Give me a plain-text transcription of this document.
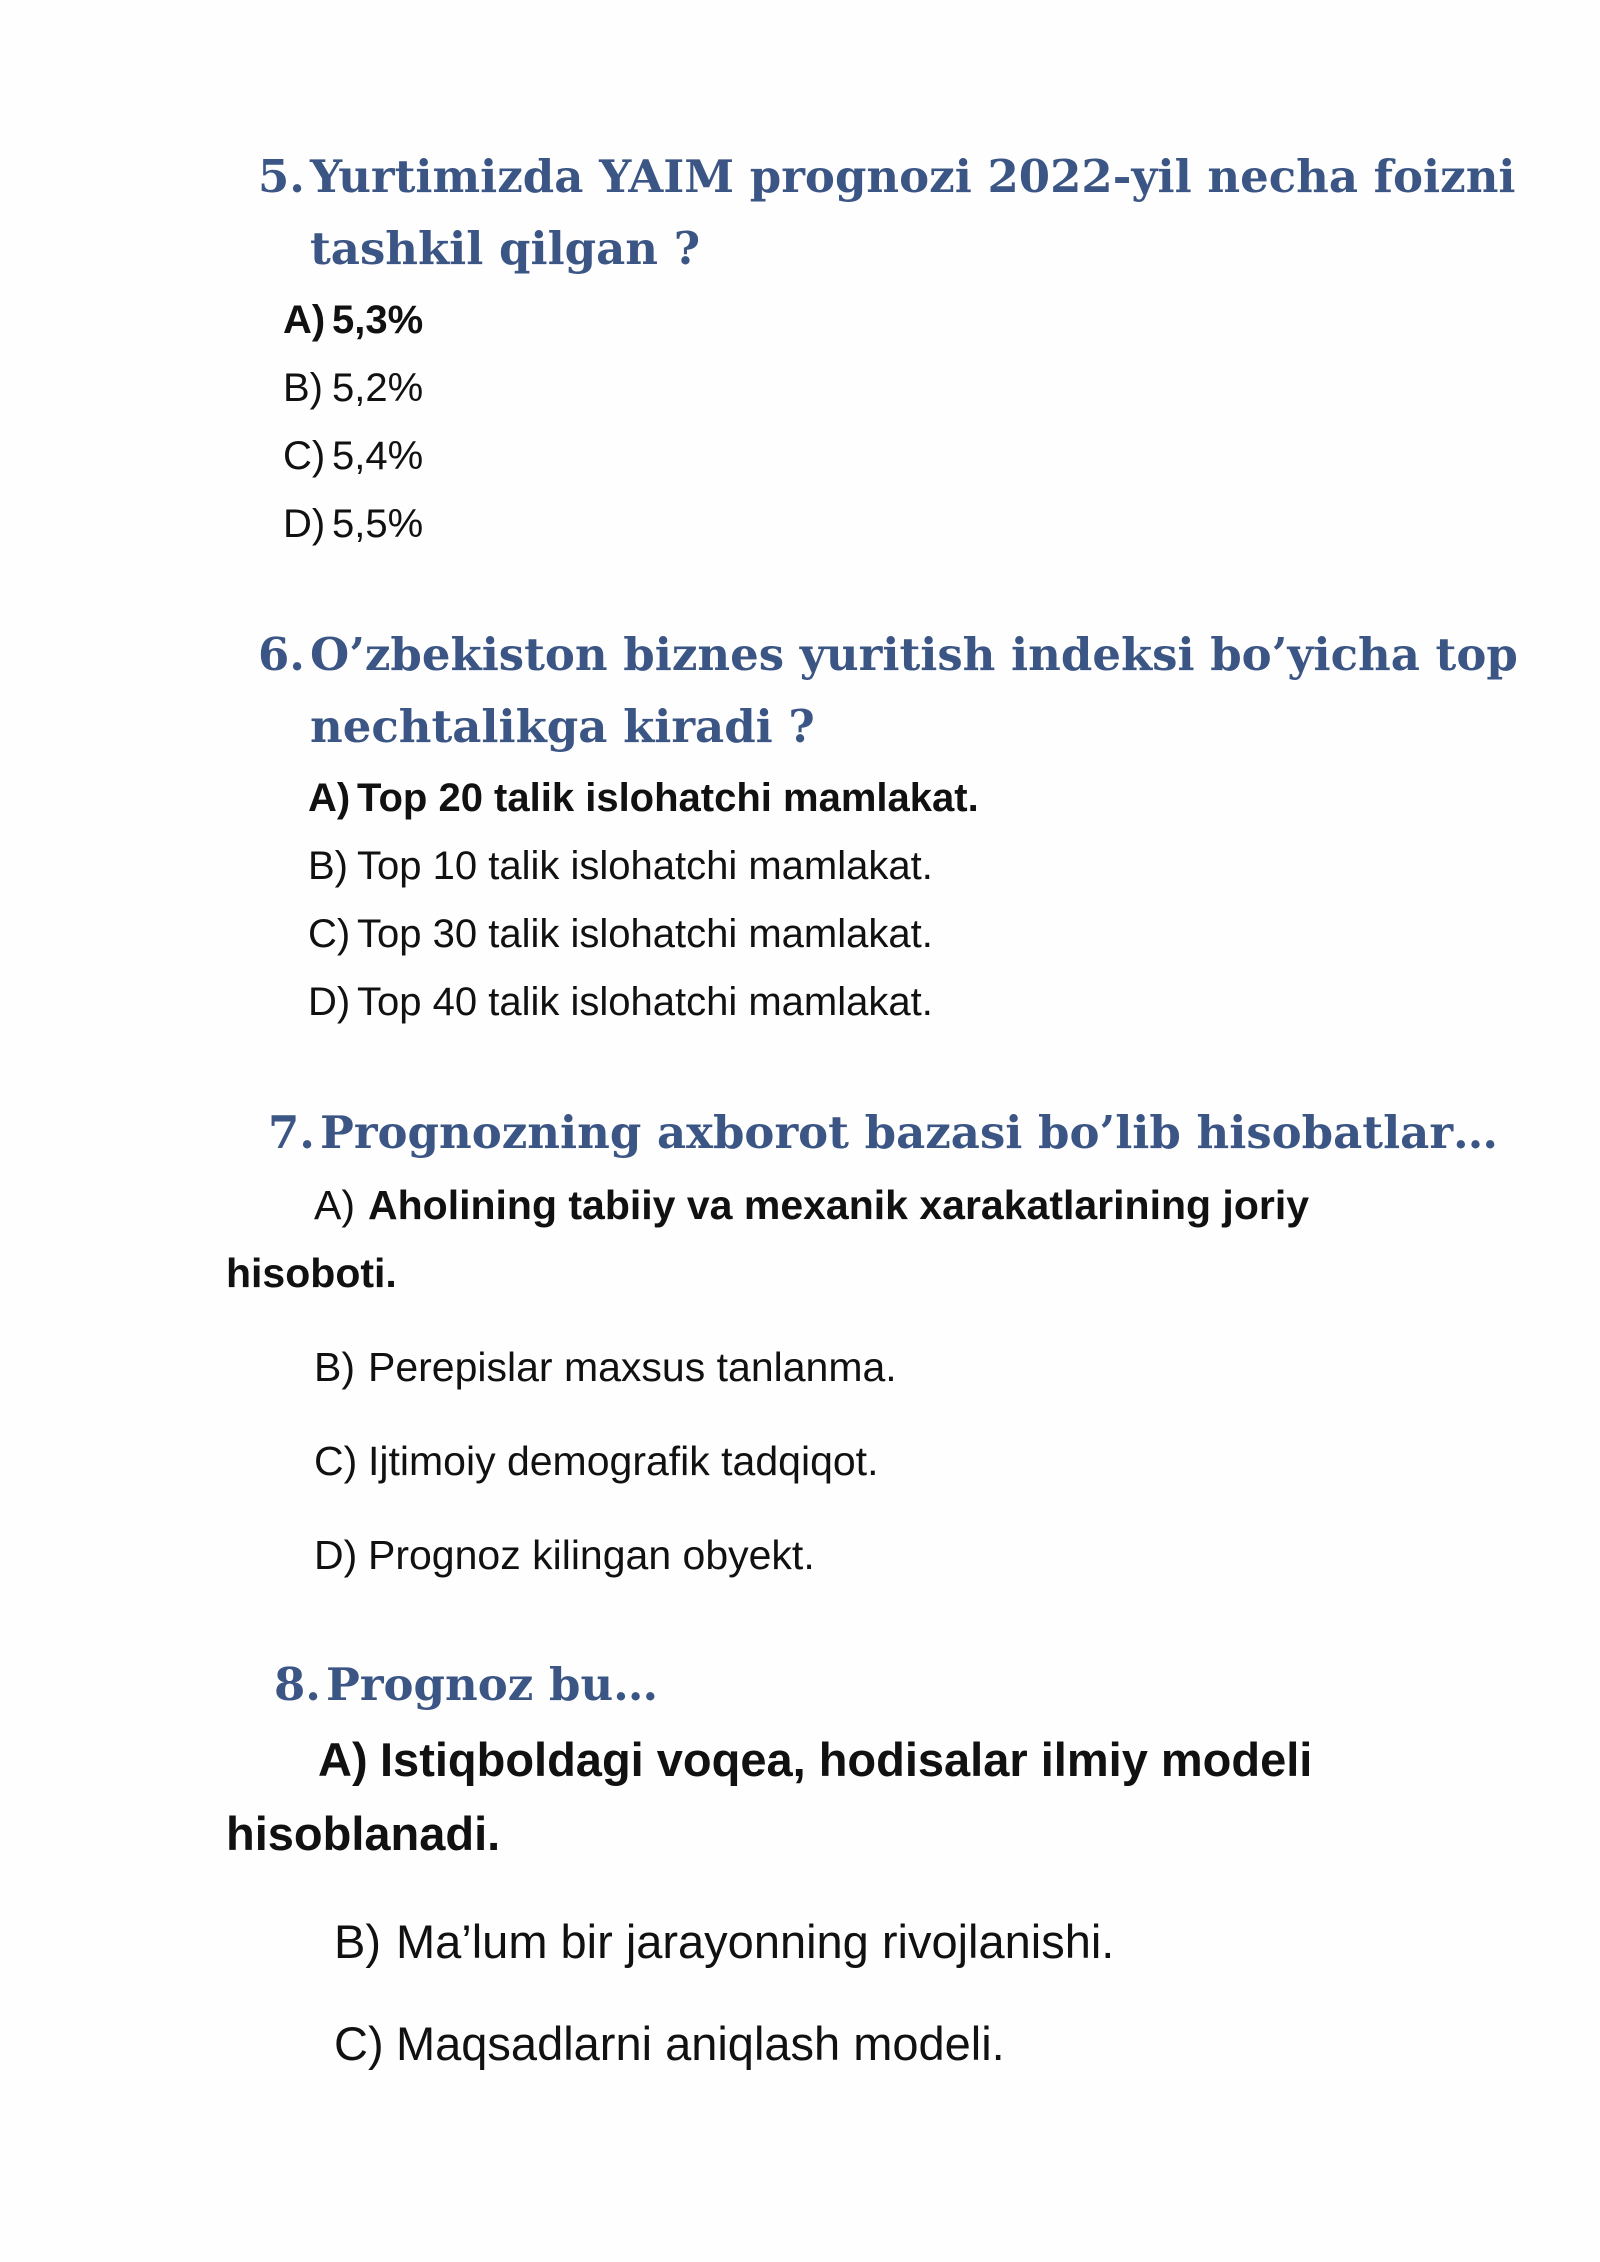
5. Yurtimizda YAIM prognozi 2022-yil necha foizni
tashkil qilgan ?
A) 5,3%
B) 5,2%
C) 5,4%
D) 5,5%
6. O’zbekiston biznes yuritish indeksi bo’yicha top
nechtalikga kiradi ?
A) Top 20 talik islohatchi mamlakat.
B) Top 10 talik islohatchi mamlakat.
C) Top 30 talik islohatchi mamlakat.
D) Top 40 talik islohatchi mamlakat.
7. Prognozning axborot bazasi bo’lib hisobatlar…
A) Aholining tabiiy va mexanik xarakatlarining joriy
hisoboti.
B) Perepislar maxsus tanlanma.
C) Ijtimoiy demografik tadqiqot.
D) Prognoz kilingan obyekt.
8. Prognoz bu…
A) Istiqboldagi voqea, hodisalar ilmiy modeli
hisoblanadi.
B) Ma’lum bir jarayonning rivojlanishi.
C) Maqsadlarni aniqlash modeli.
